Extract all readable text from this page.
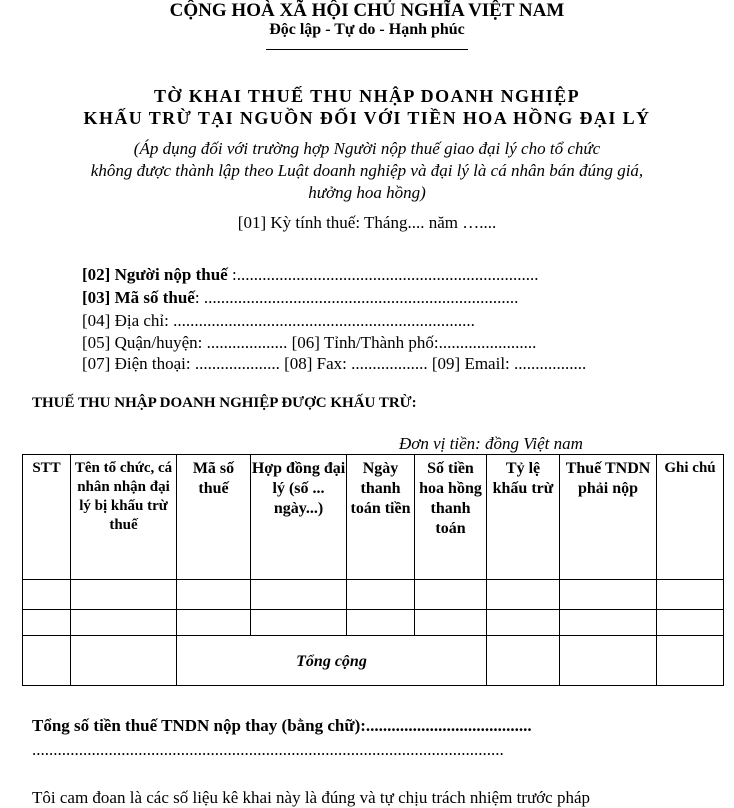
CỘNG HOÀ XÃ HỘI CHỦ NGHĨA VIỆT NAM
Độc lập - Tự do - Hạnh phúc
TỜ KHAI THUẾ THU NHẬP DOANH NGHIỆP
KHẤU TRỪ TẠI NGUỒN ĐỐI VỚI TIỀN HOA HỒNG ĐẠI LÝ
(Áp dụng đối với trường hợp Người nộp thuế giao đại lý cho tổ chức
không được thành lập theo Luật doanh nghiệp và đại lý là cá nhân bán đúng giá,
hưởng hoa hồng)
[01] Kỳ tính thuế: Tháng.... năm …....
[02] Người nộp thuế :.......................................................................
[03] Mã số thuế: ..........................................................................
[04] Địa chỉ: .......................................................................
[05] Quận/huyện: ................... [06] Tỉnh/Thành phố:.......................
[07] Điện thoại: .................... [08] Fax: .................. [09] Email: .................
THUẾ THU NHẬP DOANH NGHIỆP ĐƯỢC KHẤU TRỪ:
Đơn vị tiền: đồng Việt nam
STT	Tên tổ chức, cá nhân nhận đại lý bị khấu trừ thuế	Mã số thuế	Hợp đồng đại lý (số ... ngày...)	Ngày thanh toán tiền	Số tiền hoa hồng thanh toán	Tỷ lệ khấu trừ	Thuế TNDN phải nộp	Ghi chú

		Tổng cộng						
Tổng số tiền thuế TNDN nộp thay (bằng chữ):.......................................
...............................................................................................................
Tôi cam đoan là các số liệu kê khai này là đúng và tự chịu trách nhiệm trước pháp
